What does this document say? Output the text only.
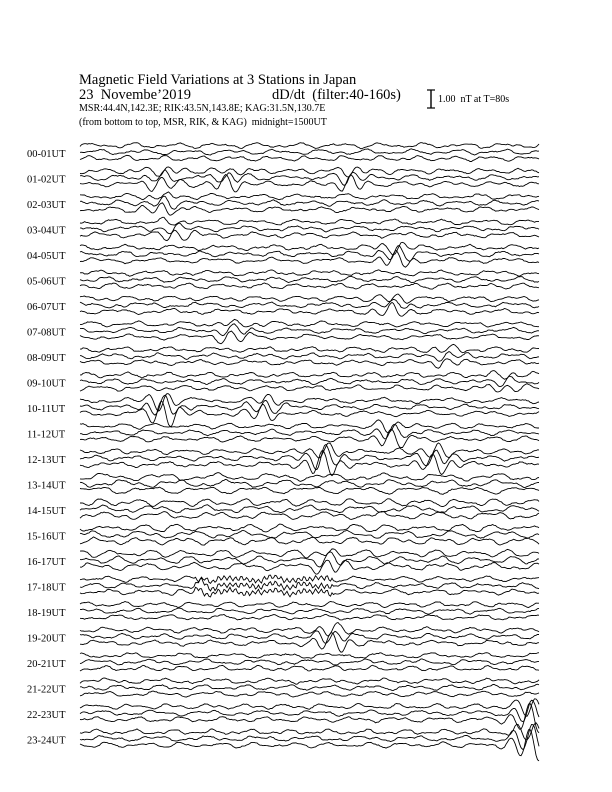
Magnetic Field Variations at 3 Stations in Japan
23  Novembe’2019	dD/dt  (filter:40-160s)
MSR:44.4N,142.3E; RIK:43.5N,143.8E; KAG:31.5N,130.7E
(from bottom to top, MSR, RIK, & KAG)  midnight=1500UT
1.00  nT at T=80s
00-01UT
01-02UT
02-03UT
03-04UT
04-05UT
05-06UT
06-07UT
07-08UT
08-09UT
09-10UT
10-11UT
11-12UT
12-13UT
13-14UT
14-15UT
15-16UT
16-17UT
17-18UT
18-19UT
19-20UT
20-21UT
21-22UT
22-23UT
23-24UT
